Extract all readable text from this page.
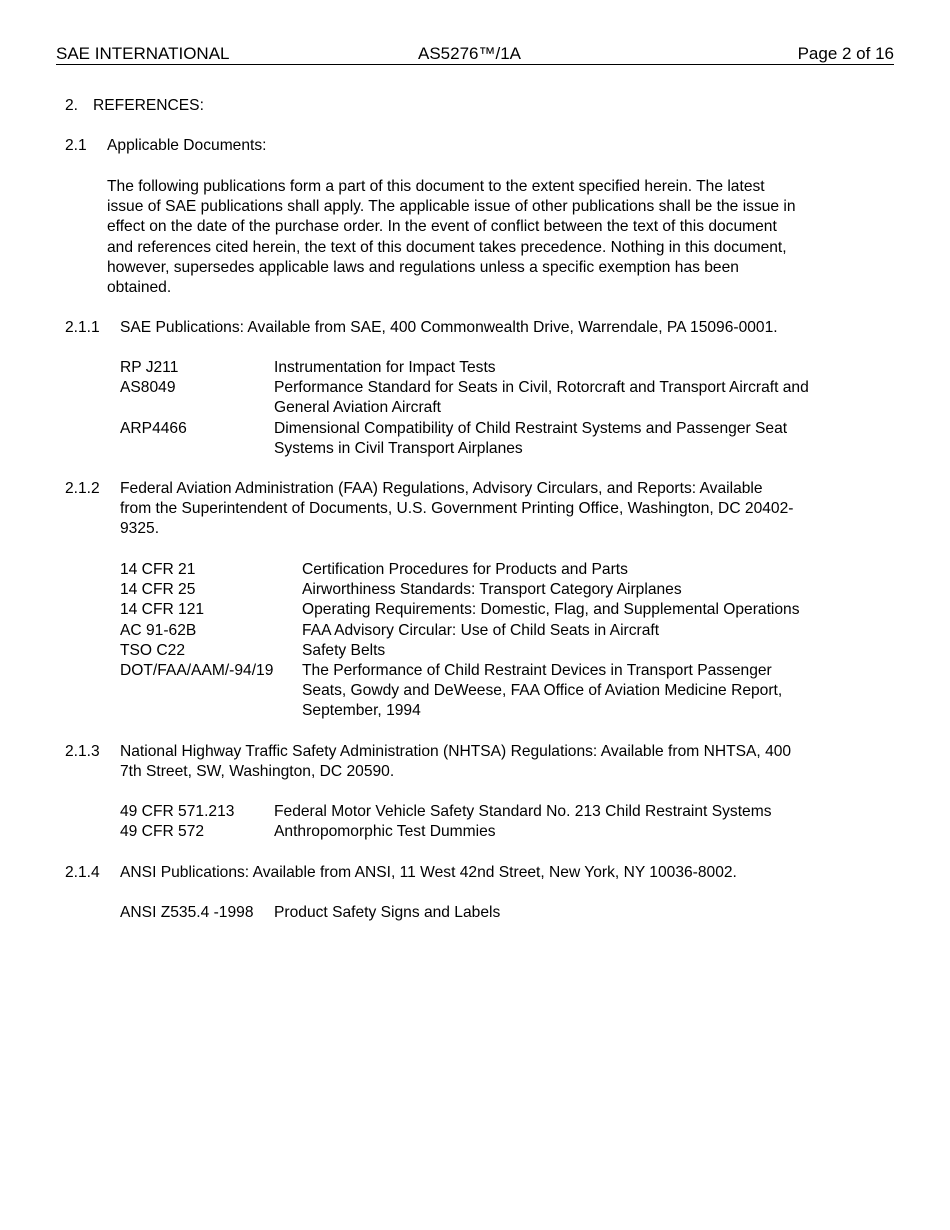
SAE INTERNATIONAL	AS5276™/1A	Page 2 of 16
2. REFERENCES:
2.1 Applicable Documents:
The following publications form a part of this document to the extent specified herein. The latest
issue of SAE publications shall apply. The applicable issue of other publications shall be the issue in
effect on the date of the purchase order. In the event of conflict between the text of this document
and references cited herein, the text of this document takes precedence. Nothing in this document,
however, supersedes applicable laws and regulations unless a specific exemption has been
obtained.
2.1.1 SAE Publications: Available from SAE, 400 Commonwealth Drive, Warrendale, PA 15096-0001.
RP J211	Instrumentation for Impact Tests
AS8049	Performance Standard for Seats in Civil, Rotorcraft and Transport Aircraft and
General Aviation Aircraft
ARP4466	Dimensional Compatibility of Child Restraint Systems and Passenger Seat
Systems in Civil Transport Airplanes
2.1.2 Federal Aviation Administration (FAA) Regulations, Advisory Circulars, and Reports: Available
from the Superintendent of Documents, U.S. Government Printing Office, Washington, DC 20402-
9325.
14 CFR 21	Certification Procedures for Products and Parts
14 CFR 25	Airworthiness Standards: Transport Category Airplanes
14 CFR 121	Operating Requirements: Domestic, Flag, and Supplemental Operations
AC 91-62B	FAA Advisory Circular: Use of Child Seats in Aircraft
TSO C22	Safety Belts
DOT/FAA/AAM/-94/19 The Performance of Child Restraint Devices in Transport Passenger
Seats, Gowdy and DeWeese, FAA Office of Aviation Medicine Report,
September, 1994
2.1.3 National Highway Traffic Safety Administration (NHTSA) Regulations: Available from NHTSA, 400
7th Street, SW, Washington, DC 20590.
49 CFR 571.213	Federal Motor Vehicle Safety Standard No. 213 Child Restraint Systems
49 CFR 572	Anthropomorphic Test Dummies
2.1.4 ANSI Publications: Available from ANSI, 11 West 42nd Street, New York, NY 10036-8002.
ANSI Z535.4 -1998 Product Safety Signs and Labels
